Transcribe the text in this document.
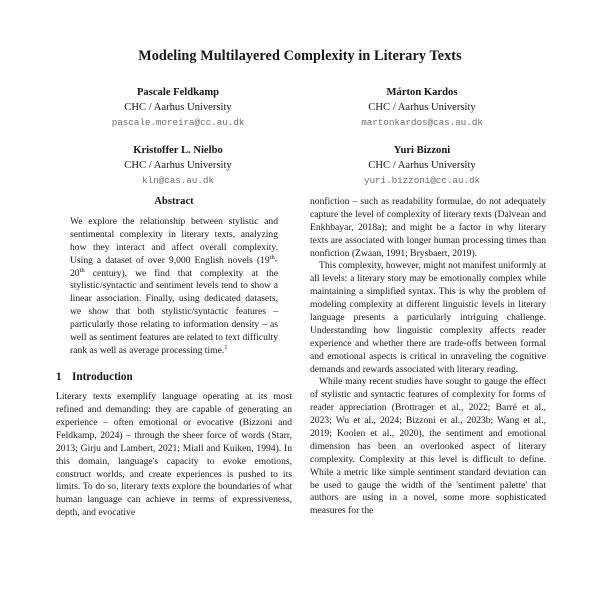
Modeling Multilayered Complexity in Literary Texts
Pascale Feldkamp
CHC / Aarhus University
pascale.moreira@cc.au.dk
Márton Kardos
CHC / Aarhus University
martonkardos@cas.au.dk
Kristoffer L. Nielbo
CHC / Aarhus University
kln@cas.au.dk
Yuri Bizzoni
CHC / Aarhus University
yuri.bizzoni@cc.au.dk
Abstract

We explore the relationship between stylistic and sentimental complexity in literary texts, analyzing how they interact and affect overall complexity. Using a dataset of over 9,000 English novels (19th-20th century), we find that complexity at the stylistic/syntactic and sentiment levels tend to show a linear association. Finally, using dedicated datasets, we show that both stylistic/syntactic features – particularly those relating to information density – as well as sentiment features are related to text difficulty rank as well as average processing time.$^1$

1 Introduction

Literary texts exemplify language operating at its most refined and demanding: they are capable of generating an experience – often emotional or evocative (Bizzoni and Feldkamp, 2024) – through the sheer force of words (Starr, 2013; Girju and Lambert, 2021; Miall and Kuiken, 1994). In this domain, language's capacity to evoke emotions, construct worlds, and create experiences is pushed to its limits. To do so, literary texts explore the boundaries of what human language can achieve in terms of expressiveness, depth, and evocative

nonfiction – such as readability formulae, do not adequately capture the level of complexity of literary texts (Dalvean and Enkhbayar, 2018a); and might be a factor in why literary texts are associated with longer human processing times than nonfiction (Zwaan, 1991; Brysbaert, 2019).

This complexity, however, might not manifest uniformly at all levels: a literary story may be emotionally complex while maintaining a simplified syntax. This is why the problem of modeling complexity at different linguistic levels in literary language presents a particularly intriguing challenge. Understanding how linguistic complexity affects reader experience and whether there are trade-offs between formal and emotional aspects is critical in unraveling the cognitive demands and rewards associated with literary reading.

While many recent studies have sought to gauge the effect of stylistic and syntactic features of complexity for forms of reader appreciation (Brottrager et al., 2022; Barré et al., 2023; Wu et al., 2024; Bizzoni et al., 2023b; Wang et al., 2019; Koolen et al., 2020), the sentiment and emotional dimension has been an overlooked aspect of literary complexity. Complexity at this level is difficult to define. While a metric like simple sentiment standard deviation can be used to gauge the width of the 'sentiment palette' that authors are using in a novel, some more sophisticated measures for the
